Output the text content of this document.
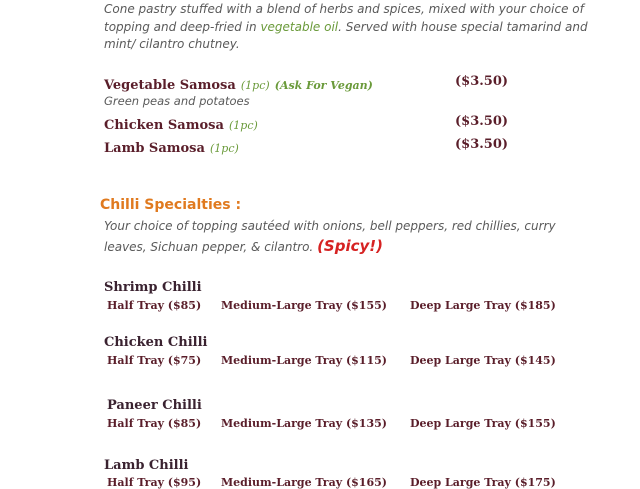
Cone pastry stuffed with a blend of herbs and spices, mixed with your choice of
topping and deep-fried in vegetable oil. Served with house special tamarind and
mint/ cilantro chutney.
Vegetable Samosa (1pc) (Ask For Vegan)	($3.50)
Green peas and potatoes
Chicken Samosa (1pc)	($3.50)
Lamb Samosa (1pc)	($3.50)
Chilli Specialties :
Your choice of topping sautéed with onions, bell peppers, red chillies, curry
leaves, Sichuan pepper, & cilantro. (Spicy!)
Shrimp Chilli
Half Tray ($85) Medium-Large Tray ($155) Deep Large Tray ($185)
Chicken Chilli
Half Tray ($75) Medium-Large Tray ($115) Deep Large Tray ($145)
Paneer Chilli
Half Tray ($85) Medium-Large Tray ($135) Deep Large Tray ($155)
Lamb Chilli
Half Tray ($95) Medium-Large Tray ($165) Deep Large Tray ($175)
